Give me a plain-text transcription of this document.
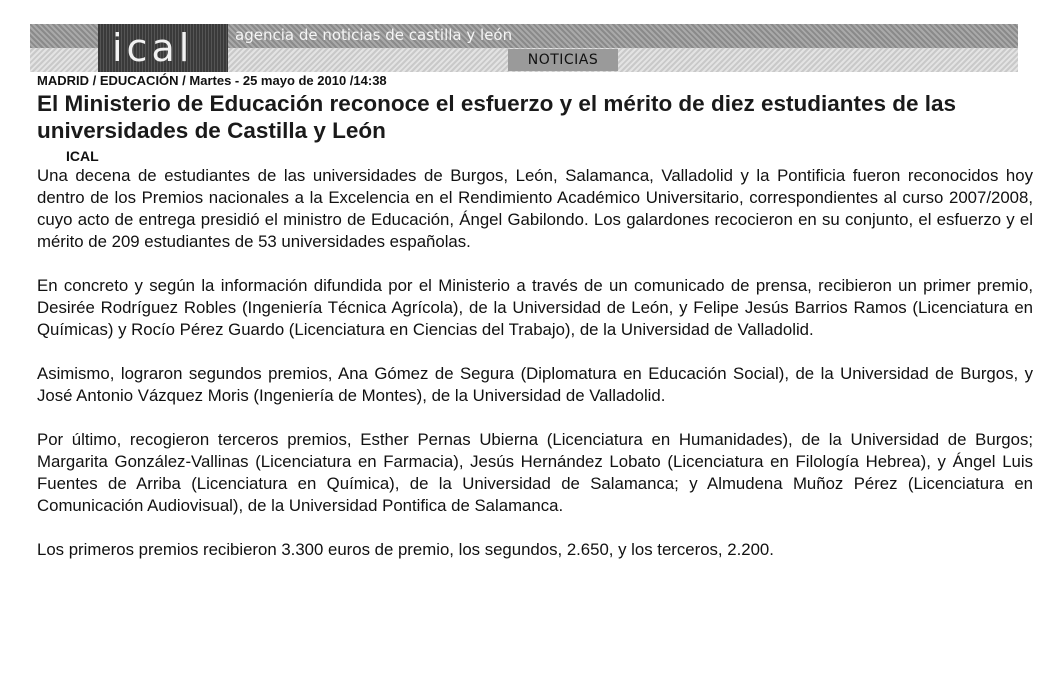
ical	agencia de noticias de castilla y león
NOTICIAS
MADRID / EDUCACIÓN / Martes - 25 mayo de 2010 /14:38
El Ministerio de Educación reconoce el esfuerzo y el mérito de diez estudiantes de las universidades de Castilla y León
ICAL

Una decena de estudiantes de las universidades de Burgos, León, Salamanca, Valladolid y la Pontificia fueron reconocidos hoy dentro de los Premios nacionales a la Excelencia en el Rendimiento Académico Universitario, correspondientes al curso 2007/2008, cuyo acto de entrega presidió el ministro de Educación, Ángel Gabilondo. Los galardones recocieron en su conjunto, el esfuerzo y el mérito de 209 estudiantes de 53 universidades españolas.

En concreto y según la información difundida por el Ministerio a través de un comunicado de prensa, recibieron un primer premio, Desirée Rodríguez Robles (Ingeniería Técnica Agrícola), de la Universidad de León, y Felipe Jesús Barrios Ramos (Licenciatura en Químicas) y Rocío Pérez Guardo (Licenciatura en Ciencias del Trabajo), de la Universidad de Valladolid.

Asimismo, lograron segundos premios, Ana Gómez de Segura (Diplomatura en Educación Social), de la Universidad de Burgos, y José Antonio Vázquez Moris (Ingeniería de Montes), de la Universidad de Valladolid.

Por último, recogieron terceros premios, Esther Pernas Ubierna (Licenciatura en Humanidades), de la Universidad de Burgos; Margarita González-Vallinas (Licenciatura en Farmacia), Jesús Hernández Lobato (Licenciatura en Filología Hebrea), y Ángel Luis Fuentes de Arriba (Licenciatura en Química), de la Universidad de Salamanca; y Almudena Muñoz Pérez (Licenciatura en Comunicación Audiovisual), de la Universidad Pontifica de Salamanca.

Los primeros premios recibieron 3.300 euros de premio, los segundos, 2.650, y los terceros, 2.200.
